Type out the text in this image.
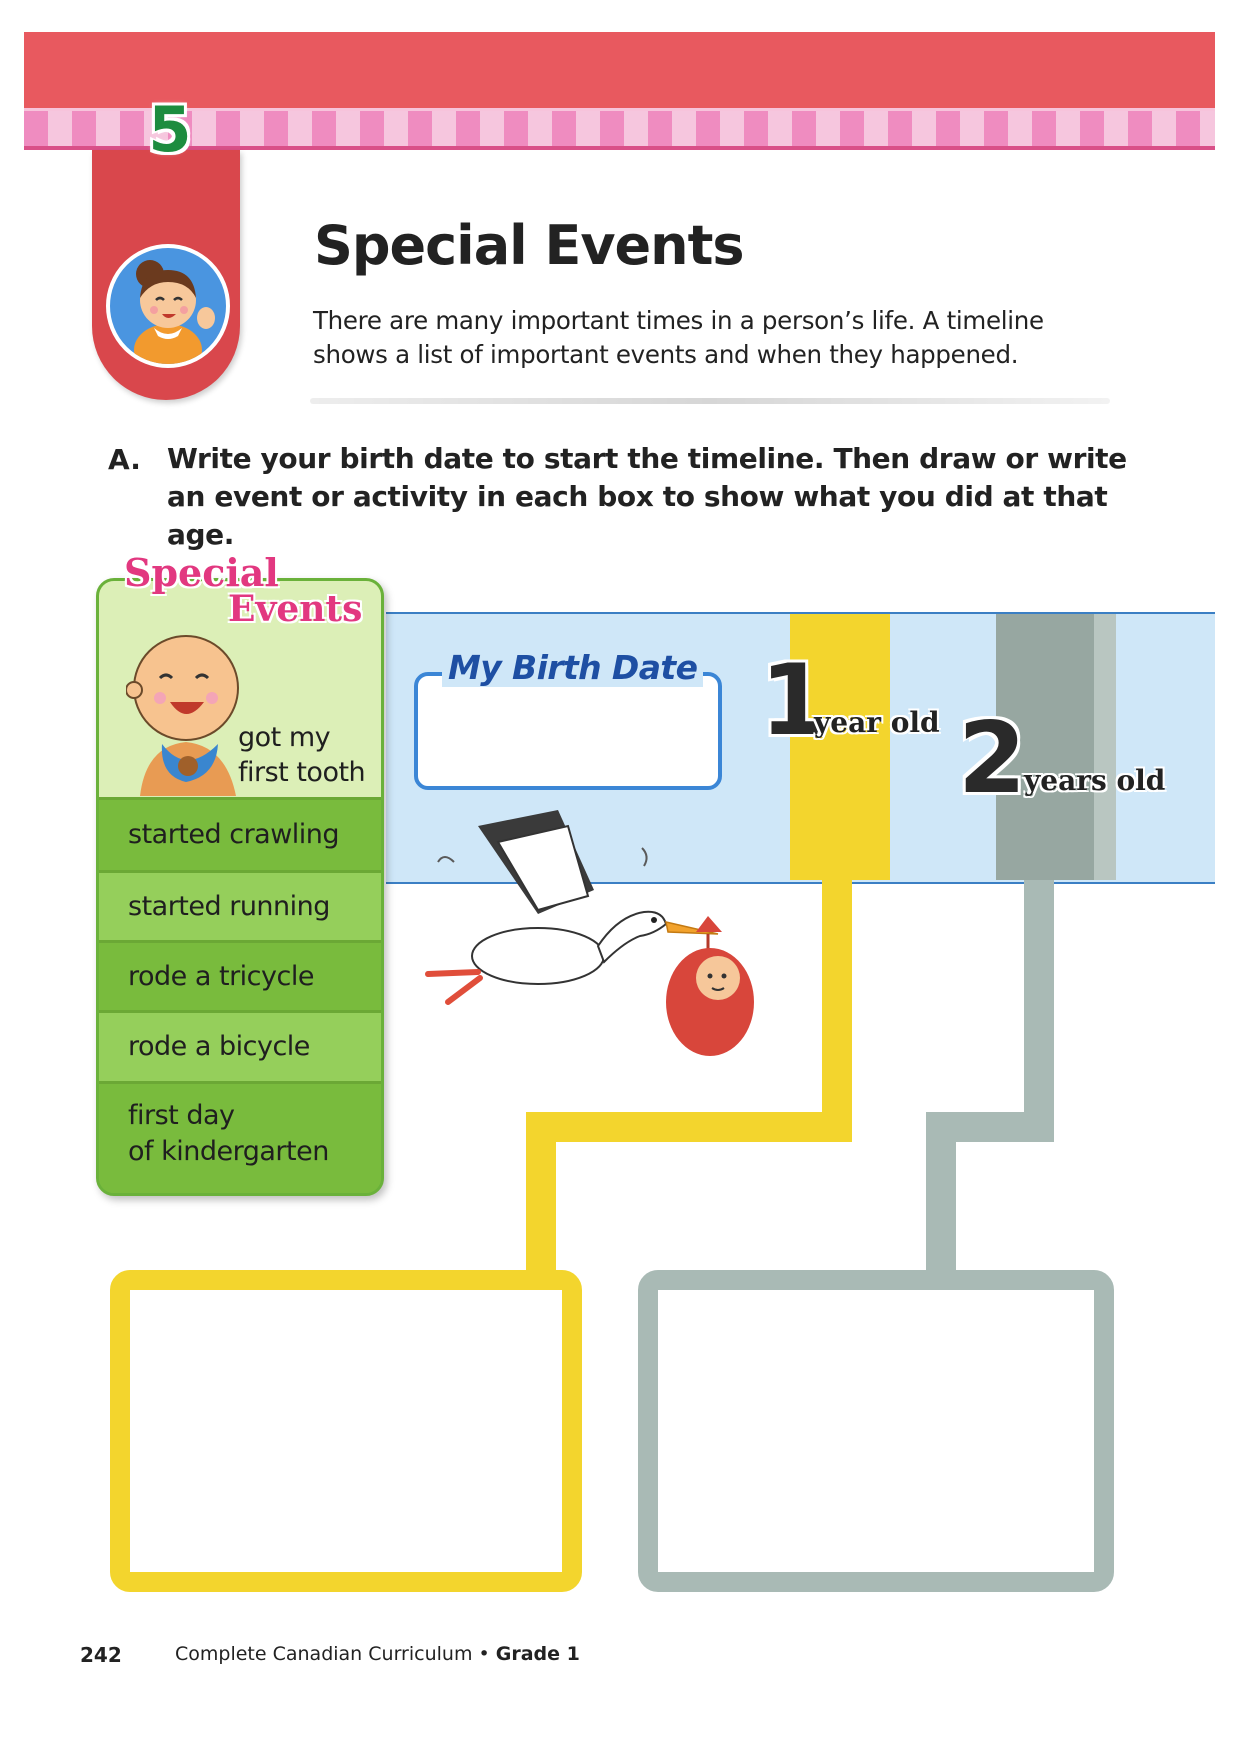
5
Special Events
There are many important times in a person’s life. A timeline shows a list of important events and when they happened.
A. Write your birth date to start the timeline. Then draw or write an event or activity in each box to show what you did at that age.
My Birth Date 1
year old 2
years old
Special
Events
got my
first tooth
started crawling
started running
rode a tricycle
rode a bicycle
first day
of kindergarten
242	Complete Canadian Curriculum • Grade 1
